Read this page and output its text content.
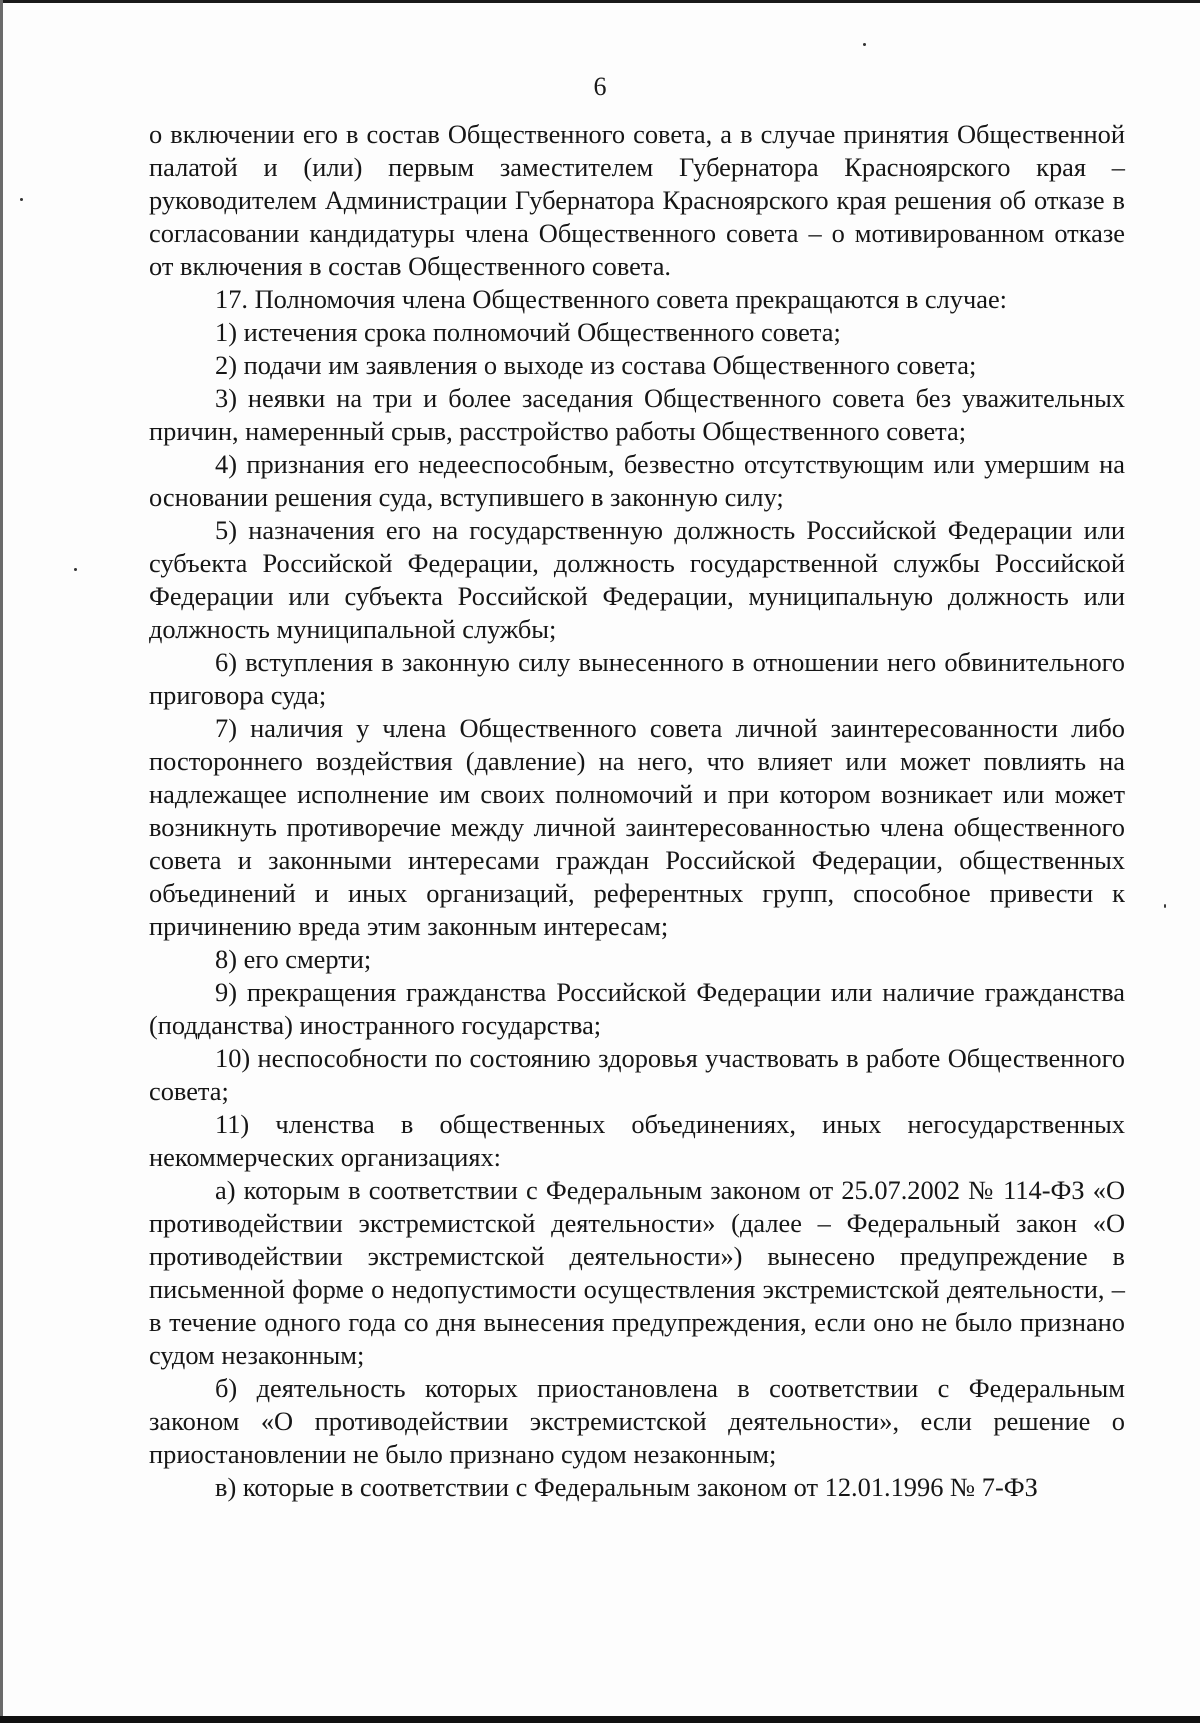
6

о включении его в состав Общественного совета, а в случае принятия Общественной палатой и (или) первым заместителем Губернатора Красноярского края – руководителем Администрации Губернатора Красноярского края решения об отказе в согласовании кандидатуры члена Общественного совета – о мотивированном отказе от включения в состав Общественного совета.

17. Полномочия члена Общественного совета прекращаются в случае:

1) истечения срока полномочий Общественного совета;

2) подачи им заявления о выходе из состава Общественного совета;

3) неявки на три и более заседания Общественного совета без уважительных причин, намеренный срыв, расстройство работы Общественного совета;

4) признания его недееспособным, безвестно отсутствующим или умершим на основании решения суда, вступившего в законную силу;

5) назначения его на государственную должность Российской Федерации или субъекта Российской Федерации, должность государственной службы Российской Федерации или субъекта Российской Федерации, муниципальную должность или должность муниципальной службы;

6) вступления в законную силу вынесенного в отношении него обвинительного приговора суда;

7) наличия у члена Общественного совета личной заинтересованности либо постороннего воздействия (давление) на него, что влияет или может повлиять на надлежащее исполнение им своих полномочий и при котором возникает или может возникнуть противоречие между личной заинтересованностью члена общественного совета и законными интересами граждан Российской Федерации, общественных объединений и иных организаций, референтных групп, способное привести к причинению вреда этим законным интересам;

8) его смерти;

9) прекращения гражданства Российской Федерации или наличие гражданства (подданства) иностранного государства;

10) неспособности по состоянию здоровья участвовать в работе Общественного совета;

11) членства в общественных объединениях, иных негосударственных некоммерческих организациях:

а) которым в соответствии с Федеральным законом от 25.07.2002 № 114-ФЗ «О противодействии экстремистской деятельности» (далее – Федеральный закон «О противодействии экстремистской деятельности») вынесено предупреждение в письменной форме о недопустимости осуществления экстремистской деятельности, – в течение одного года со дня вынесения предупреждения, если оно не было признано судом незаконным;

б) деятельность которых приостановлена в соответствии с Федеральным законом «О противодействии экстремистской деятельности», если решение о приостановлении не было признано судом незаконным;

в) которые в соответствии с Федеральным законом от 12.01.1996 № 7-ФЗ
